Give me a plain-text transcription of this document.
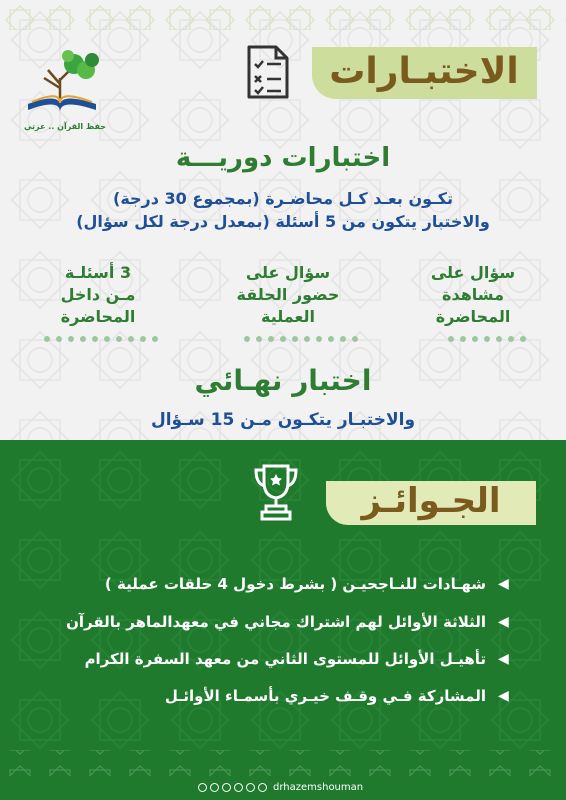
حفظ القرآن .. عزتي
الاختبـارات
اختبارات دوريـــة
تكـون بعـد كـل محاضـرة (بمجموع 30 درجة)
والاختبار يتكون من 5 أسئلة (بمعدل درجة لكل سؤال)
سؤال على
مشاهدة
المحاضرة
سؤال على
حضور الحلقة
العملية
3 أسئلـة
مـن داخل
المحاضرة
اختبار نهـائي
والاختبـار يتكـون مـن 15 سـؤال
الجـوائـز
◀
شهـادات للنـاجحيـن ( بشرط دخول 4 حلقات عملية )
◀
الثلاثة الأوائل لهم اشتراك مجاني في معهدالماهر بالقرآن
◀
تأهيـل الأوائل للمستوى الثاني من معهد السفرة الكرام
◀
المشاركة فـي وقـف خيـري بأسمـاء الأوائـل
drhazemshouman
